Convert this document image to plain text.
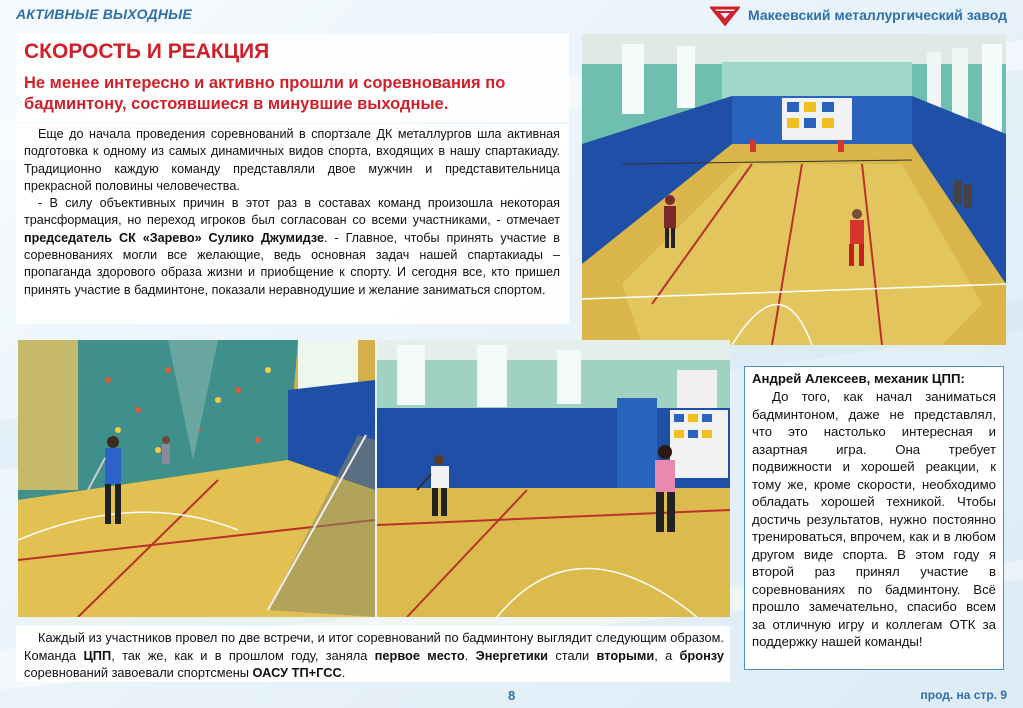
АКТИВНЫЕ ВЫХОДНЫЕ	Макеевский металлургический завод
СКОРОСТЬ И РЕАКЦИЯ
Не менее интересно и активно прошли и соревнования по бадминтону, состоявшиеся в минувшие выходные.

Еще до начала проведения соревнований в спортзале ДК металлургов шла активная подготовка к одному из самых динамичных видов спорта, входящих в нашу спартакиаду. Традиционно каждую команду представляли двое мужчин и представительница прекрасной половины человечества.

- В силу объективных причин в этот раз в составах команд произошла некоторая трансформация, но переход игроков был согласован со всеми участниками, - отмечает председатель СК «Зарево» Сулико Джумидзе. - Главное, чтобы принять участие в соревнованиях могли все желающие, ведь основная задач нашей спартакиады – пропаганда здорового образа жизни и приобщение к спорту. И сегодня все, кто пришел принять участие в бадминтоне, показали неравнодушие и желание заниматься спортом.

Андрей Алексеев, механик ЦПП:
До того, как начал заниматься бадминтоном, даже не представлял, что это настолько интересная и азартная игра. Она требует подвижности и хорошей реакции, к тому же, кроме скорости, необходимо обладать хорошей техникой. Чтобы достичь результатов, нужно постоянно тренироваться, впрочем, как и в любом другом виде спорта. В этом году я второй раз принял участие в соревнованиях по бадминтону. Всё прошло замечательно, спасибо всем за отличную игру и коллегам ОТК за поддержку нашей команды!
Каждый из участников провел по две встречи, и итог соревнований по бадминтону выглядит следующим образом. Команда ЦПП, так же, как и в прошлом году, заняла первое место. Энергетики стали вторыми, а бронзу соревнований завоевали спортсмены ОАСУ ТП+ГСС.
8	прод. на стр. 9
